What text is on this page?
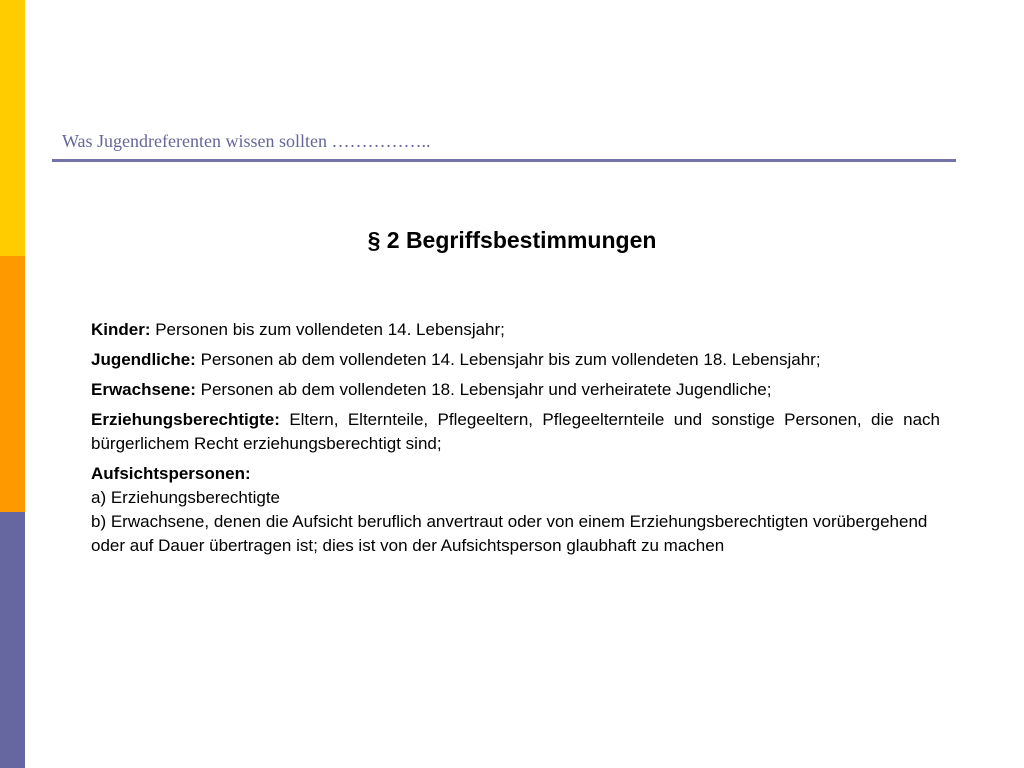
Was Jugendreferenten wissen sollten ……………..
§ 2 Begriffsbestimmungen

Kinder: Personen bis zum vollendeten 14. Lebensjahr;

Jugendliche: Personen ab dem vollendeten 14. Lebensjahr bis zum vollendeten 18. Lebensjahr;

Erwachsene: Personen ab dem vollendeten 18. Lebensjahr und verheiratete Jugendliche;

Erziehungsberechtigte: Eltern, Elternteile, Pflegeeltern, Pflegeelternteile und sonstige Personen, die nach bürgerlichem Recht erziehungsberechtigt sind;

Aufsichtspersonen:
a) Erziehungsberechtigte
b) Erwachsene, denen die Aufsicht beruflich anvertraut oder von einem Erziehungsberechtigten vorübergehend oder auf Dauer übertragen ist; dies ist von der Aufsichtsperson glaubhaft zu machen
